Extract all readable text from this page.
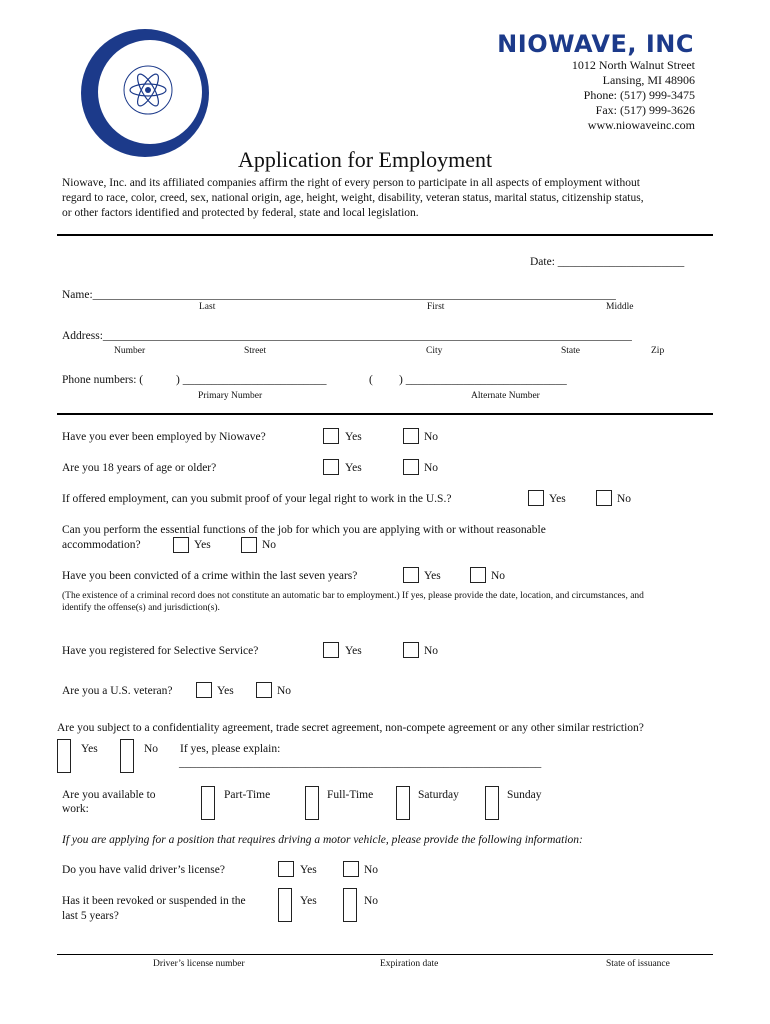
NIOWAVE, INC
1012 North Walnut Street
Lansing, MI 48906
Phone: (517) 999-3475
Fax: (517) 999-3626
www.niowaveinc.com
Application for Employment
Niowave, Inc. and its affiliated companies affirm the right of every person to participate in all aspects of employment without
regard to race, color, creed, sex, national origin, age, height, weight, disability, veteran status, marital status, citizenship status,
or other factors identified and protected by federal, state and local legislation.
Date: ______________________
Name:___________________________________________________________________________________________
Last	First	Middle
Address:____________________________________________________________________________________________
Number	Street	City	State	Zip
Phone numbers: (	) _________________________	( ) ____________________________
Primary Number	Alternate Number
Have you ever been employed by Niowave?	Yes	No
Are you 18 years of age or older?	Yes	No
If offered employment, can you submit proof of your legal right to work in the U.S.?	Yes	No
Can you perform the essential functions of the job for which you are applying with or without reasonable
accommodation?	Yes	No
Have you been convicted of a crime within the last seven years?	Yes	No
(The existence of a criminal record does not constitute an automatic bar to employment.) If yes, please provide the date, location, and circumstances, and
identify the offense(s) and jurisdiction(s).
Have you registered for Selective Service?	Yes	No
Are you a U.S. veteran?	Yes	No
Are you subject to a confidentiality agreement, trade secret agreement, non-compete agreement or any other similar restriction?
Yes	No If yes, please explain:
_______________________________________________________________
Are you available to
work:
Part-Time	Full-Time	Saturday	Sunday
If you are applying for a position that requires driving a motor vehicle, please provide the following information:
Do you have valid driver’s license?	Yes	No
Has it been revoked or suspended in the
last 5 years?
Yes	No
Driver’s license number	Expiration date	State of issuance
